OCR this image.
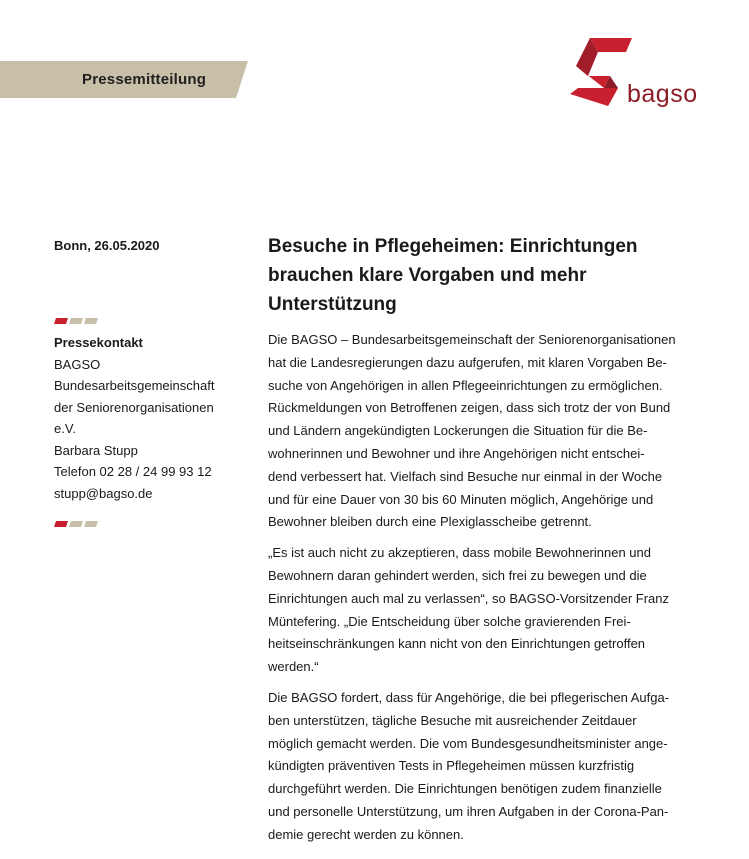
Pressemitteilung
bagso
Bonn, 26.05.2020
Pressekontakt
BAGSO
Bundesarbeitsgemeinschaft
der Seniorenorganisationen
e.V.
Barbara Stupp
Telefon 02 28 / 24 99 93 12
stupp@bagso.de
Besuche in Pflegeheimen: Einrichtungen
brauchen klare Vorgaben und mehr
Unterstützung

Die BAGSO – Bundesarbeitsgemeinschaft der Seniorenorganisationen
hat die Landesregierungen dazu aufgerufen, mit klaren Vorgaben Be-
suche von Angehörigen in allen Pflegeeinrichtungen zu ermöglichen.
Rückmeldungen von Betroffenen zeigen, dass sich trotz der von Bund
und Ländern angekündigten Lockerungen die Situation für die Be-
wohnerinnen und Bewohner und ihre Angehörigen nicht entschei-
dend verbessert hat. Vielfach sind Besuche nur einmal in der Woche
und für eine Dauer von 30 bis 60 Minuten möglich, Angehörige und
Bewohner bleiben durch eine Plexiglasscheibe getrennt.

„Es ist auch nicht zu akzeptieren, dass mobile Bewohnerinnen und
Bewohnern daran gehindert werden, sich frei zu bewegen und die
Einrichtungen auch mal zu verlassen“, so BAGSO-Vorsitzender Franz
Müntefering. „Die Entscheidung über solche gravierenden Frei-
heitseinschränkungen kann nicht von den Einrichtungen getroffen
werden.“

Die BAGSO fordert, dass für Angehörige, die bei pflegerischen Aufga-
ben unterstützen, tägliche Besuche mit ausreichender Zeitdauer
möglich gemacht werden. Die vom Bundesgesundheitsminister ange-
kündigten präventiven Tests in Pflegeheimen müssen kurzfristig
durchgeführt werden. Die Einrichtungen benötigen zudem finanzielle
und personelle Unterstützung, um ihren Aufgaben in der Corona-Pan-
demie gerecht werden zu können.
